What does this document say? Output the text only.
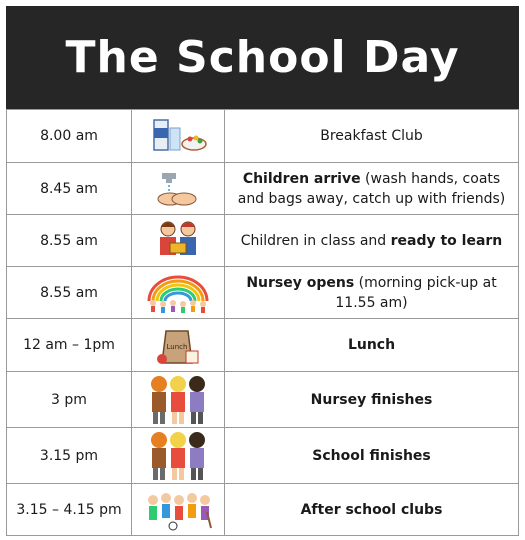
The School Day
8.00 am		Breakfast Club
8.45 am		Children arrive (wash hands, coats and bags away, catch up with friends)
8.55 am		Children in class and ready to learn
8.55 am		Nursey opens (morning pick-up at 11.55 am)
12 am – 1pm	Lunch	Lunch
3 pm		Nursey finishes
3.15 pm		School finishes
3.15 – 4.15 pm		After school clubs
